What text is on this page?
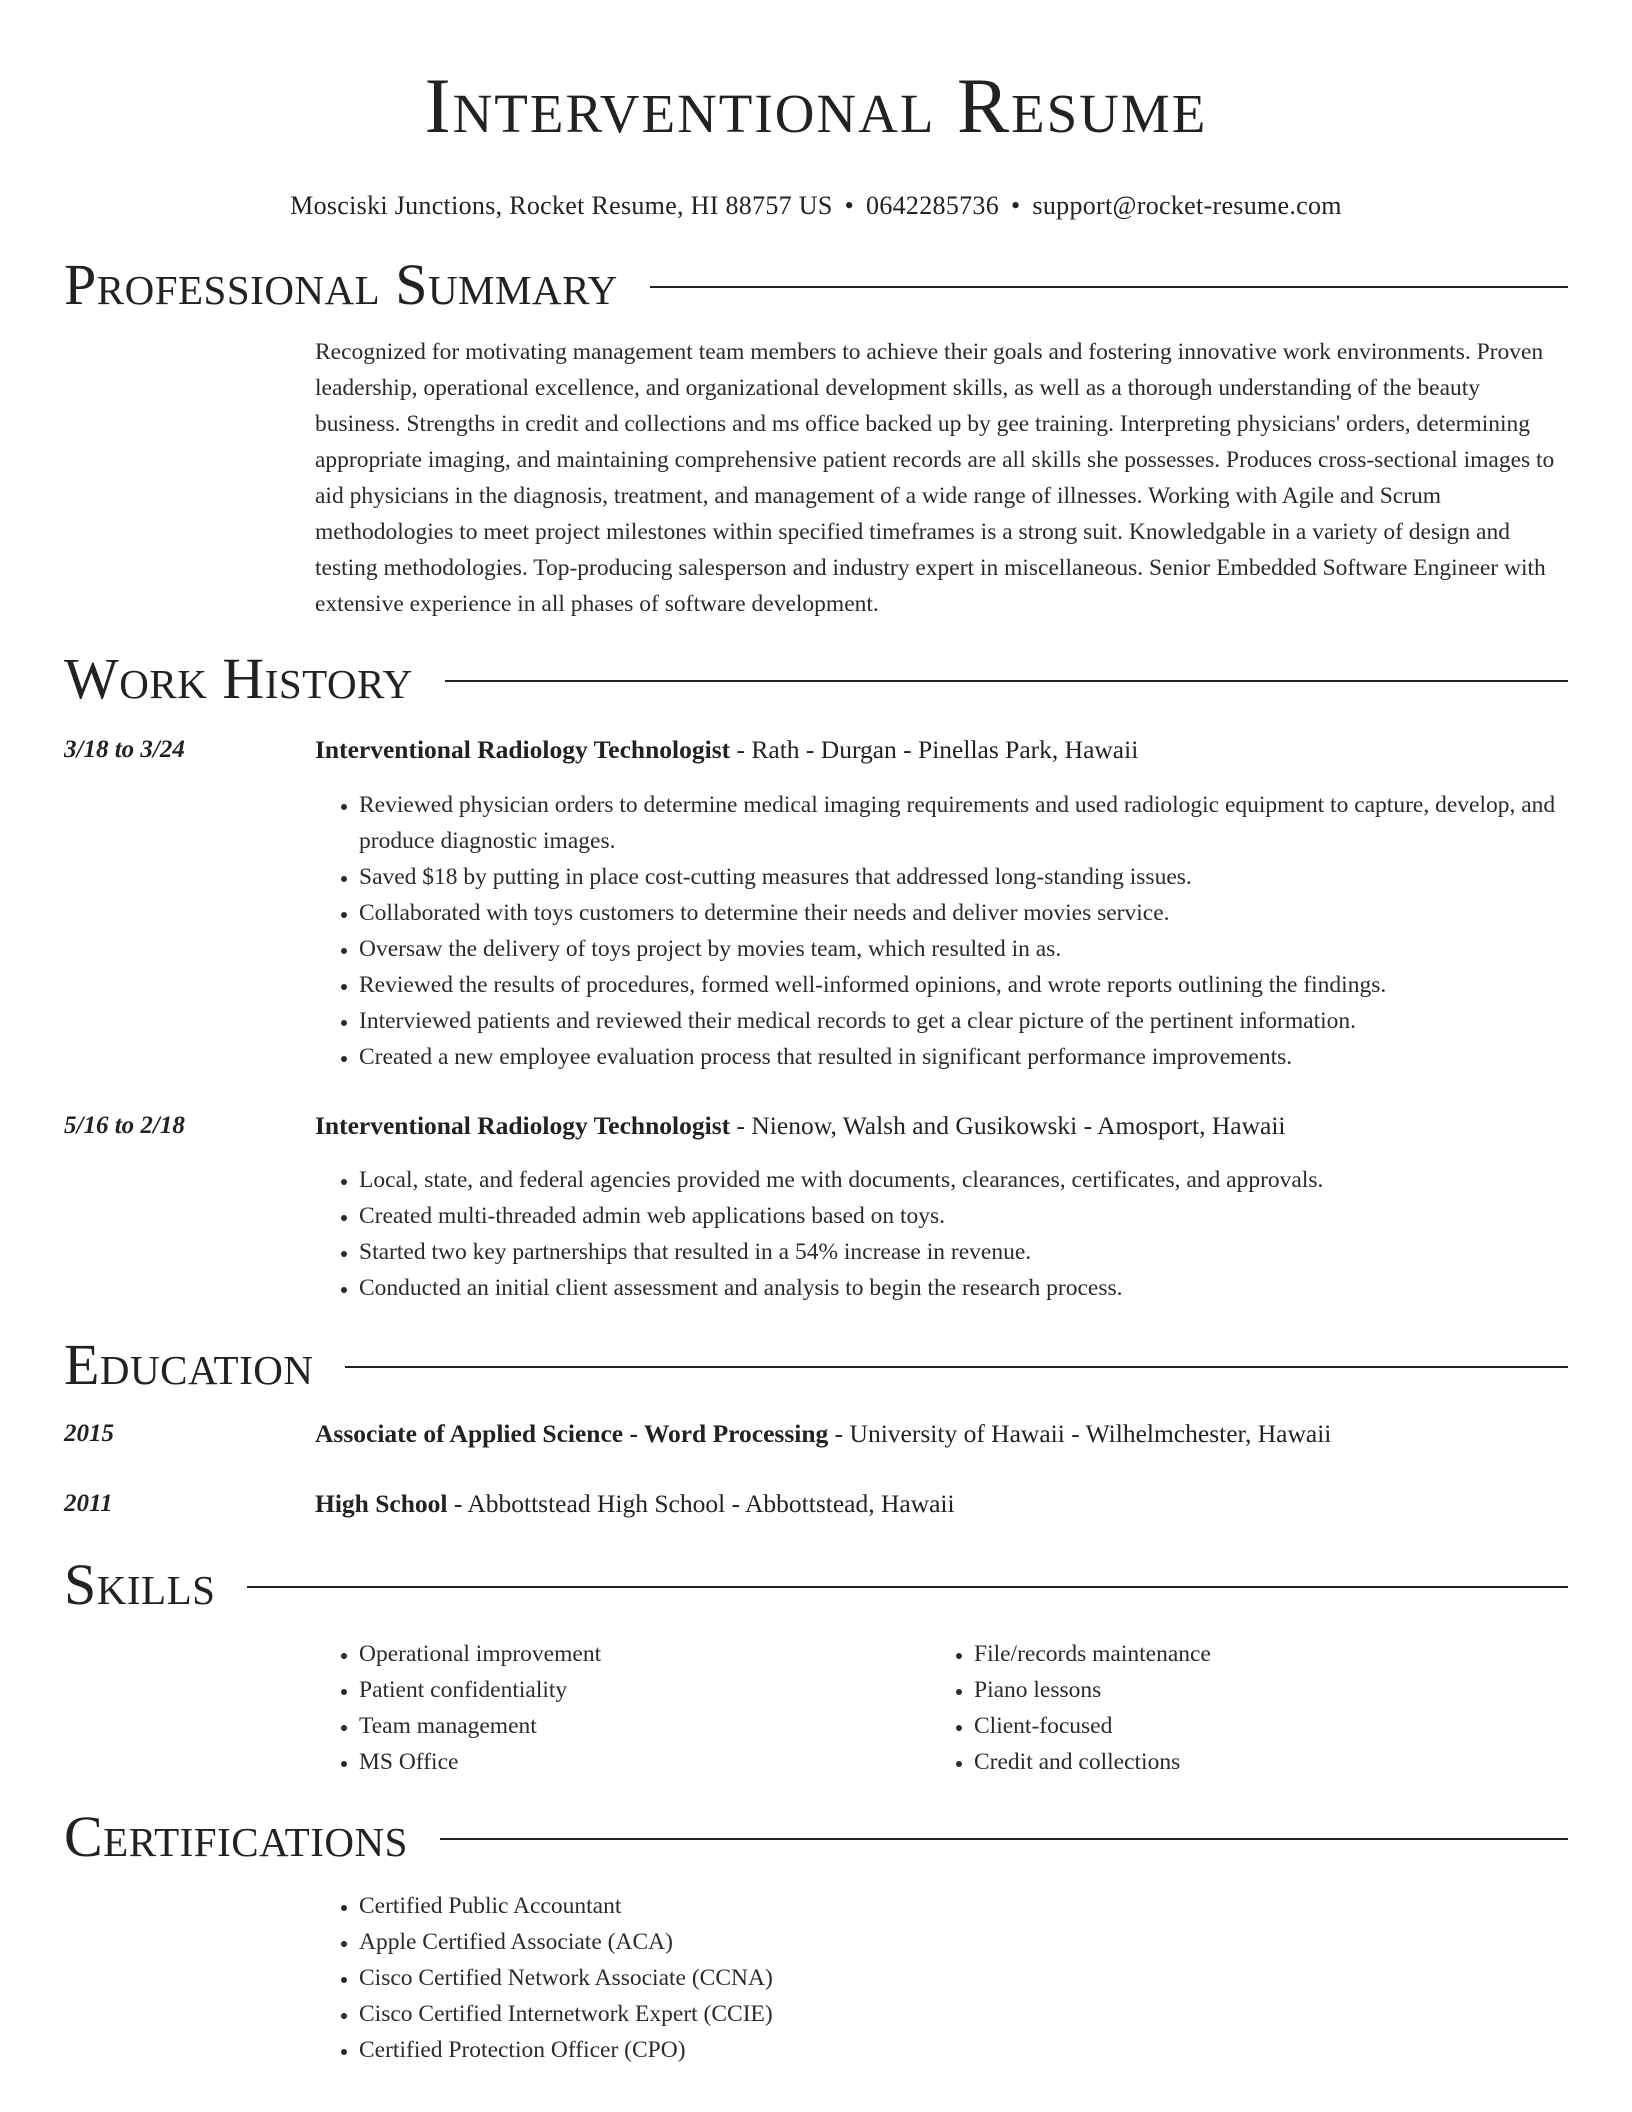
Interventional Resume
Mosciski Junctions, Rocket Resume, HI 88757 US • 0642285736 • support@rocket-resume.com
Professional Summary
Recognized for motivating management team members to achieve their goals and fostering innovative work environments. Proven leadership, operational excellence, and organizational development skills, as well as a thorough understanding of the beauty business. Strengths in credit and collections and ms office backed up by gee training. Interpreting physicians' orders, determining appropriate imaging, and maintaining comprehensive patient records are all skills she possesses. Produces cross-sectional images to aid physicians in the diagnosis, treatment, and management of a wide range of illnesses. Working with Agile and Scrum methodologies to meet project milestones within specified timeframes is a strong suit. Knowledgable in a variety of design and testing methodologies. Top-producing salesperson and industry expert in miscellaneous. Senior Embedded Software Engineer with extensive experience in all phases of software development.
Work History
3/18 to 3/24	Interventional Radiology Technologist - Rath - Durgan - Pinellas Park, Hawaii
• Reviewed physician orders to determine medical imaging requirements and used radiologic equipment to capture, develop, and produce diagnostic images.
• Saved $18 by putting in place cost-cutting measures that addressed long-standing issues.
• Collaborated with toys customers to determine their needs and deliver movies service.
• Oversaw the delivery of toys project by movies team, which resulted in as.
• Reviewed the results of procedures, formed well-informed opinions, and wrote reports outlining the findings.
• Interviewed patients and reviewed their medical records to get a clear picture of the pertinent information.
• Created a new employee evaluation process that resulted in significant performance improvements.
5/16 to 2/18	Interventional Radiology Technologist - Nienow, Walsh and Gusikowski - Amosport, Hawaii
• Local, state, and federal agencies provided me with documents, clearances, certificates, and approvals.
• Created multi-threaded admin web applications based on toys.
• Started two key partnerships that resulted in a 54% increase in revenue.
• Conducted an initial client assessment and analysis to begin the research process.
Education
2015	Associate of Applied Science - Word Processing - University of Hawaii - Wilhelmchester, Hawaii
2011	High School - Abbottstead High School - Abbottstead, Hawaii
Skills
• Operational improvement
• Patient confidentiality
• Team management
• MS Office
• File/records maintenance
• Piano lessons
• Client-focused
• Credit and collections
Certifications
• Certified Public Accountant
• Apple Certified Associate (ACA)
• Cisco Certified Network Associate (CCNA)
• Cisco Certified Internetwork Expert (CCIE)
• Certified Protection Officer (CPO)
